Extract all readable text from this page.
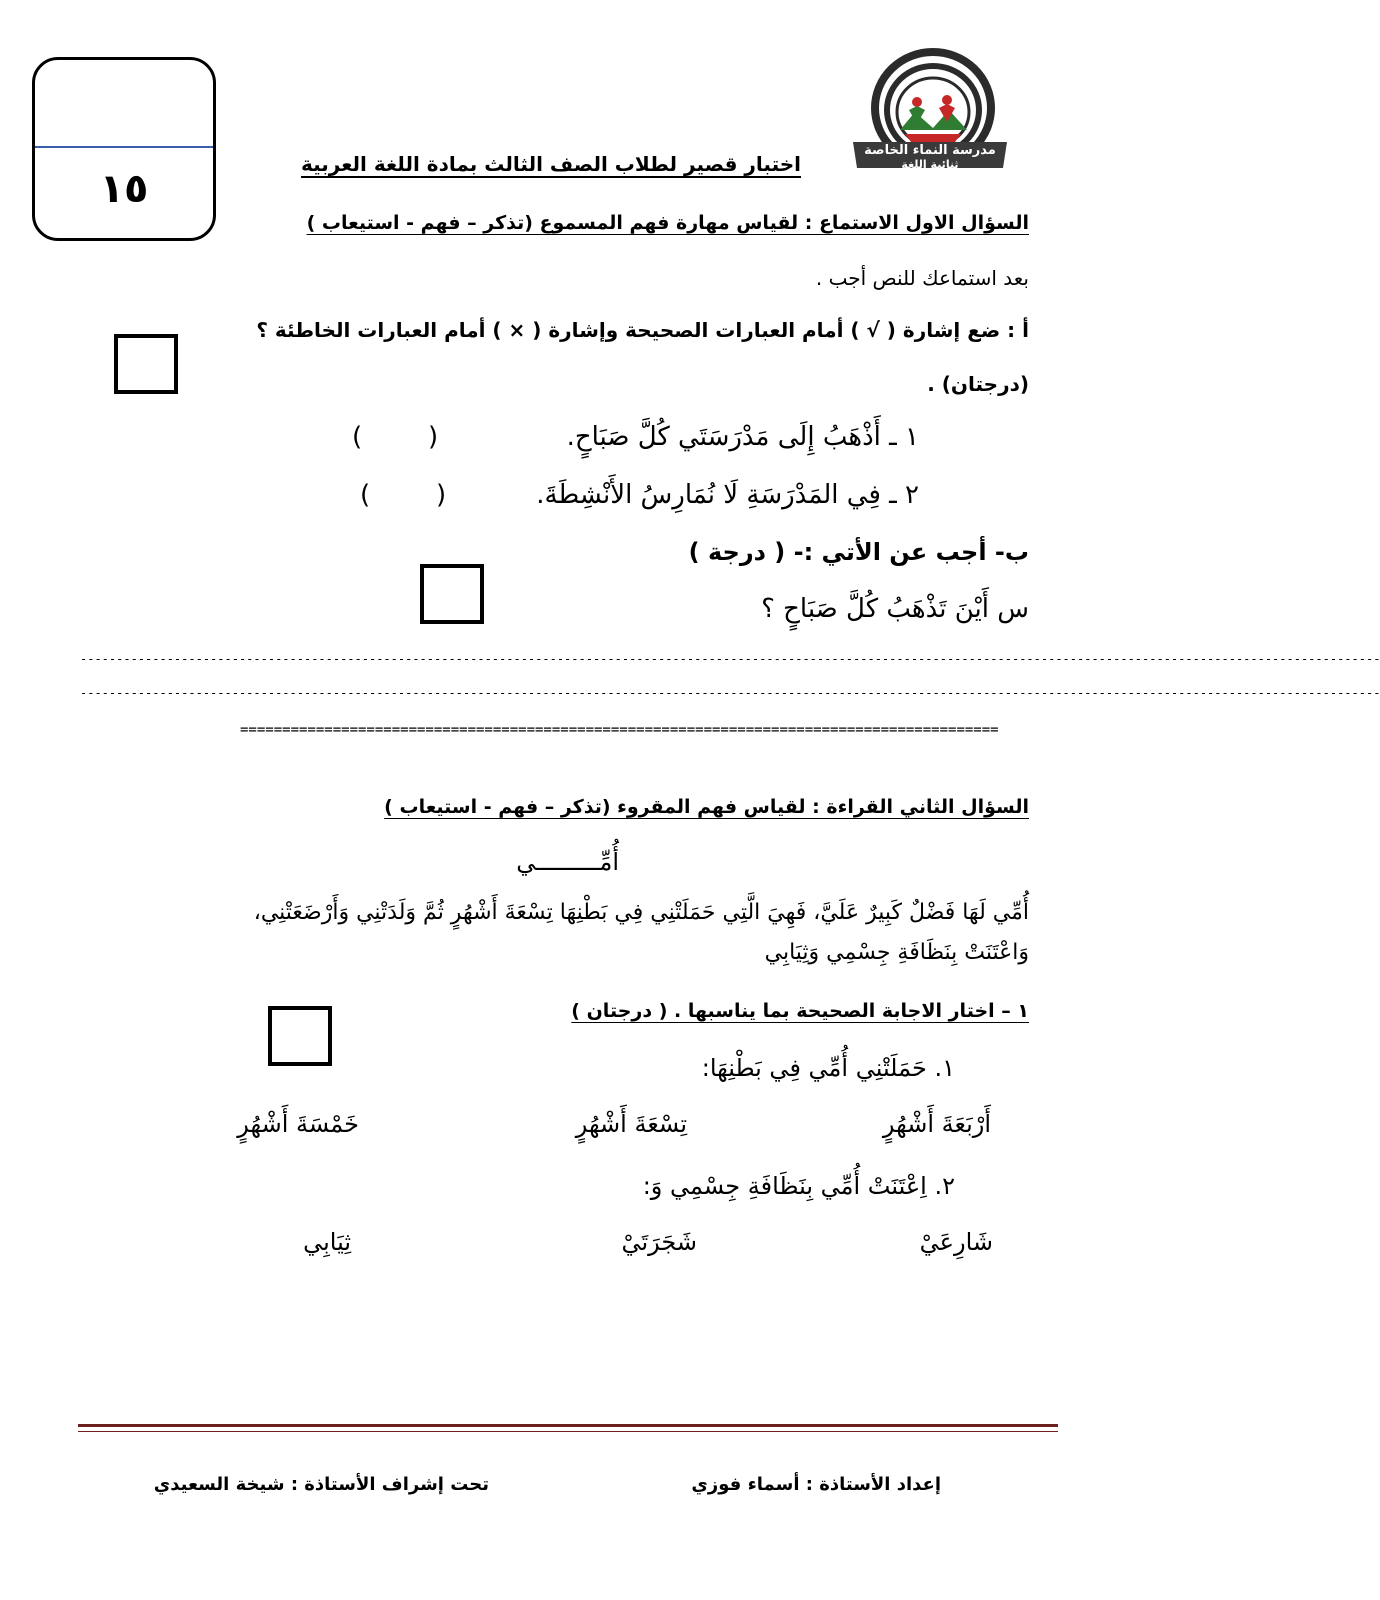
١٥
مدرسة النماء الخاصة
ثنائية اللغة
اختبار قصير لطلاب الصف الثالث بمادة اللغة العربية
السؤال الاول الاستماع : لقياس مهارة فهم المسموع (تذكر – فهم - استيعاب )
بعد استماعك للنص أجب .
أ : ضع إشارة ( √ ) أمام العبارات الصحيحة وإشارة ( × ) أمام العبارات الخاطئة ؟
(درجتان) .
١ ـ أَذْهَبُ إِلَى مَدْرَسَتَي كُلَّ صَبَاحٍ.
)
(
٢ ـ فِي المَدْرَسَةِ لَا نُمَارِسُ الأَنْشِطَةَ.
)
(
ب- أجب عن الأتي :- ( درجة )
س أَيْنَ تَذْهَبُ كُلَّ صَبَاحٍ ؟
------------------------------------------------------------------------------------------------------------------------------------------------------------------------------------
------------------------------------------------------------------------------------------------------------------------------------------------------------------------------------
==========================================================================================
السؤال الثاني القراءة : لقياس فهم المقروء (تذكر – فهم - استيعاب )
أُمِّـــــــــي
أُمِّي لَهَا فَضْلٌ كَبِيرٌ عَلَيَّ، فَهِيَ الَّتِي حَمَلَتْنِي فِي بَطْنِهَا تِسْعَةَ أَشْهُرٍ ثُمَّ وَلَدَتْنِي وَأَرْضَعَتْنِي،
وَاعْتَنَتْ بِنَظَافَةِ جِسْمِي وَثِيَابِي
١ – اختار الاجابة الصحيحة بما يناسبها . ( درجتان )
١. حَمَلَتْنِي أُمِّي فِي بَطْنِهَا:
أَرْبَعَةَ أَشْهُرٍ
تِسْعَةَ أَشْهُرٍ
خَمْسَةَ أَشْهُرٍ
٢. اِعْتَنَتْ أُمِّي بِنَظَافَةِ جِسْمِي وَ:
شَارِعَيْ
شَجَرَتَيْ
ثِيَابِي
إعداد الأستاذة : أسماء فوزي
تحت إشراف الأستاذة : شيخة السعيدي
